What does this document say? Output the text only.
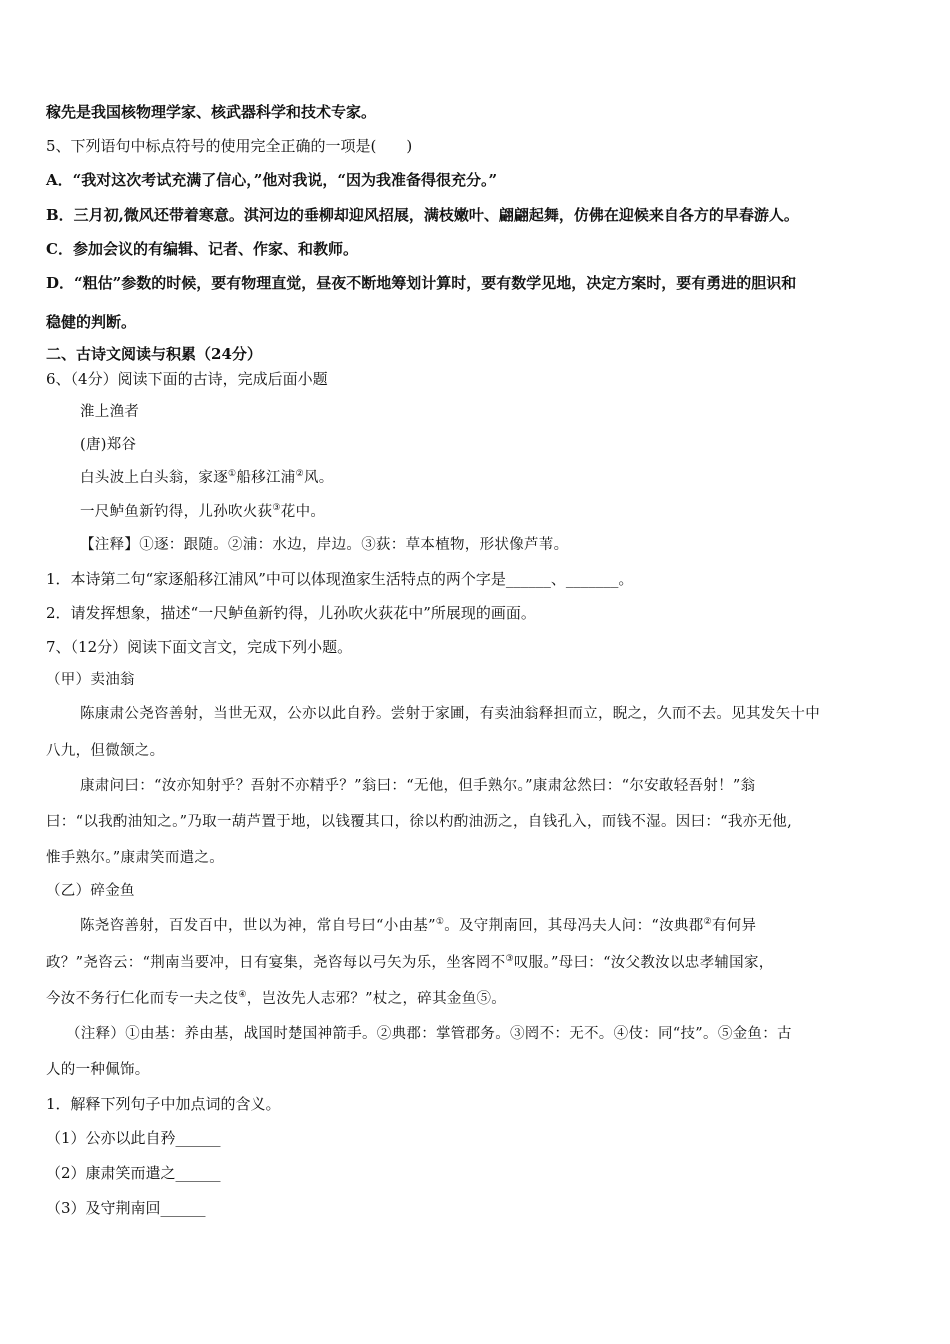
稼先是我国核物理学家、核武器科学和技术专家。
5、下列语句中标点符号的使用完全正确的一项是(　　)
A．“我对这次考试充满了信心，”他对我说，“因为我准备得很充分。”
B．三月初,微风还带着寒意。淇河边的垂柳却迎风招展，满枝嫩叶、翩翩起舞，仿佛在迎候来自各方的早春游人。
C．参加会议的有编辑、记者、作家、和教师。
D．“粗估”参数的时候，要有物理直觉，昼夜不断地筹划计算时，要有数学见地，决定方案时，要有勇进的胆识和
稳健的判断。
二、古诗文阅读与积累（24分）
6、（4分）阅读下面的古诗，完成后面小题
淮上渔者
(唐)郑谷
白头波上白头翁，家逐①船移江浦②风。
一尺鲈鱼新钓得，儿孙吹火荻③花中。
【注释】①逐：跟随。②浦：水边，岸边。③荻：草本植物，形状像芦苇。
1．本诗第二句“家逐船移江浦风”中可以体现渔家生活特点的两个字是______、_______。
2．请发挥想象，描述“一尺鲈鱼新钓得，儿孙吹火荻花中”所展现的画面。
7、（12分）阅读下面文言文，完成下列小题。
（甲）卖油翁
陈康肃公尧咨善射，当世无双，公亦以此自矜。尝射于家圃，有卖油翁释担而立，睨之，久而不去。见其发矢十中
八九，但微颔之。
康肃问曰：“汝亦知射乎？吾射不亦精乎？”翁曰：“无他，但手熟尔。”康肃忿然曰：“尔安敢轻吾射！”翁
曰：“以我酌油知之。”乃取一葫芦置于地，以钱覆其口，徐以杓酌油沥之，自钱孔入，而钱不湿。因曰：“我亦无他,
惟手熟尔。”康肃笑而遣之。
（乙）碎金鱼
陈尧咨善射，百发百中，世以为神，常自号曰“小由基”①。及守荆南回，其母冯夫人问：“汝典郡②有何异
政？”尧咨云：“荆南当要冲，日有宴集，尧咨每以弓矢为乐，坐客罔不③叹服。”母曰：“汝父教汝以忠孝辅国家，
今汝不务行仁化而专一夫之伎④，岂汝先人志邪？”杖之，碎其金鱼⑤。
（注释）①由基：养由基，战国时楚国神箭手。②典郡：掌管郡务。③罔不：无不。④伎：同“技”。⑤金鱼：古
人的一种佩饰。
1．解释下列句子中加点词的含义。
（1）公亦以此自矜______
（2）康肃笑而遣之______
（3）及守荆南回______
